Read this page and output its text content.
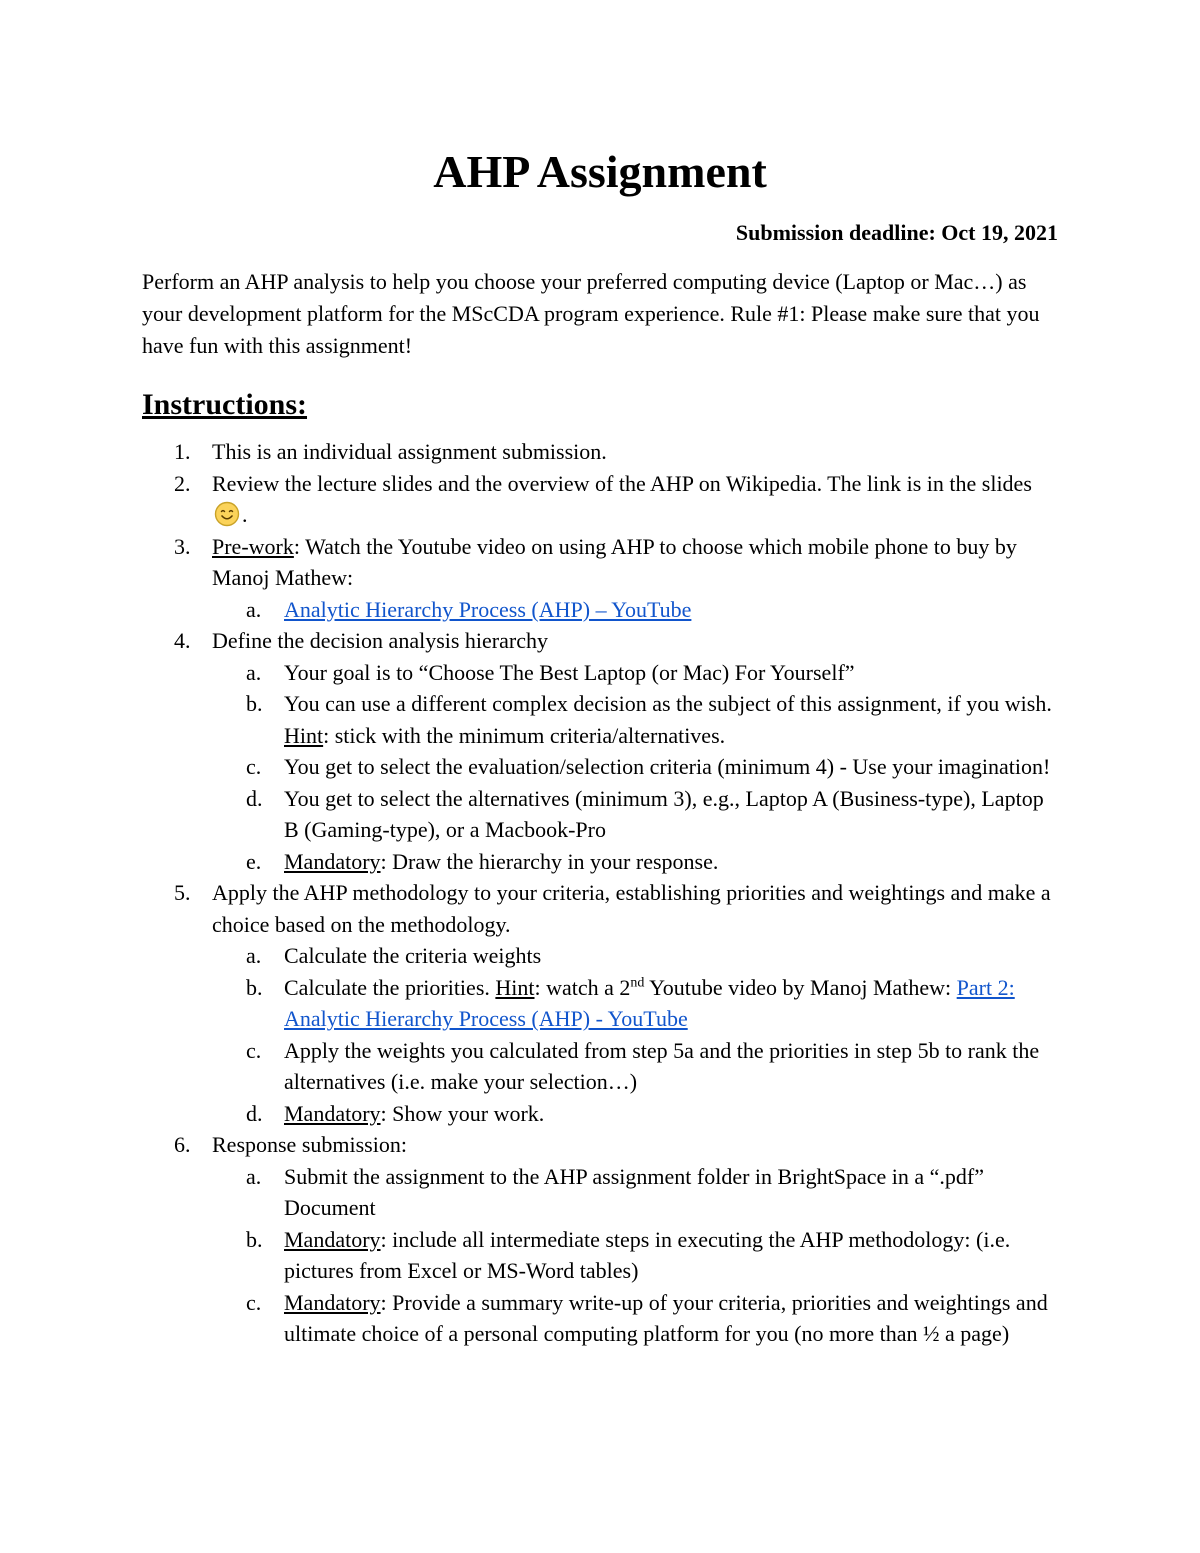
AHP Assignment
Submission deadline: Oct 19, 2021
Perform an AHP analysis to help you choose your preferred computing device (Laptop or Mac…) as your development platform for the MScCDA program experience. Rule #1: Please make sure that you have fun with this assignment!
Instructions:
1. This is an individual assignment submission.
2. Review the lecture slides and the overview of the AHP on Wikipedia. The link is in the slides .
3. Pre-work: Watch the Youtube video on using AHP to choose which mobile phone to buy by Manoj Mathew:
a. Analytic Hierarchy Process (AHP) – YouTube
4. Define the decision analysis hierarchy
a. Your goal is to “Choose The Best Laptop (or Mac) For Yourself”
b. You can use a different complex decision as the subject of this assignment, if you wish. Hint: stick with the minimum criteria/alternatives.
c. You get to select the evaluation/selection criteria (minimum 4) - Use your imagination!
d. You get to select the alternatives (minimum 3), e.g., Laptop A (Business-type), Laptop B (Gaming-type), or a Macbook-Pro
e. Mandatory: Draw the hierarchy in your response.
5. Apply the AHP methodology to your criteria, establishing priorities and weightings and make a choice based on the methodology.
a. Calculate the criteria weights
b. Calculate the priorities. Hint: watch a 2nd Youtube video by Manoj Mathew: Part 2: Analytic Hierarchy Process (AHP) - YouTube
c. Apply the weights you calculated from step 5a and the priorities in step 5b to rank the alternatives (i.e. make your selection…)
d. Mandatory: Show your work.
6. Response submission:
a. Submit the assignment to the AHP assignment folder in BrightSpace in a “.pdf” Document
b. Mandatory: include all intermediate steps in executing the AHP methodology: (i.e. pictures from Excel or MS-Word tables)
c. Mandatory: Provide a summary write-up of your criteria, priorities and weightings and ultimate choice of a personal computing platform for you (no more than ½ a page)
